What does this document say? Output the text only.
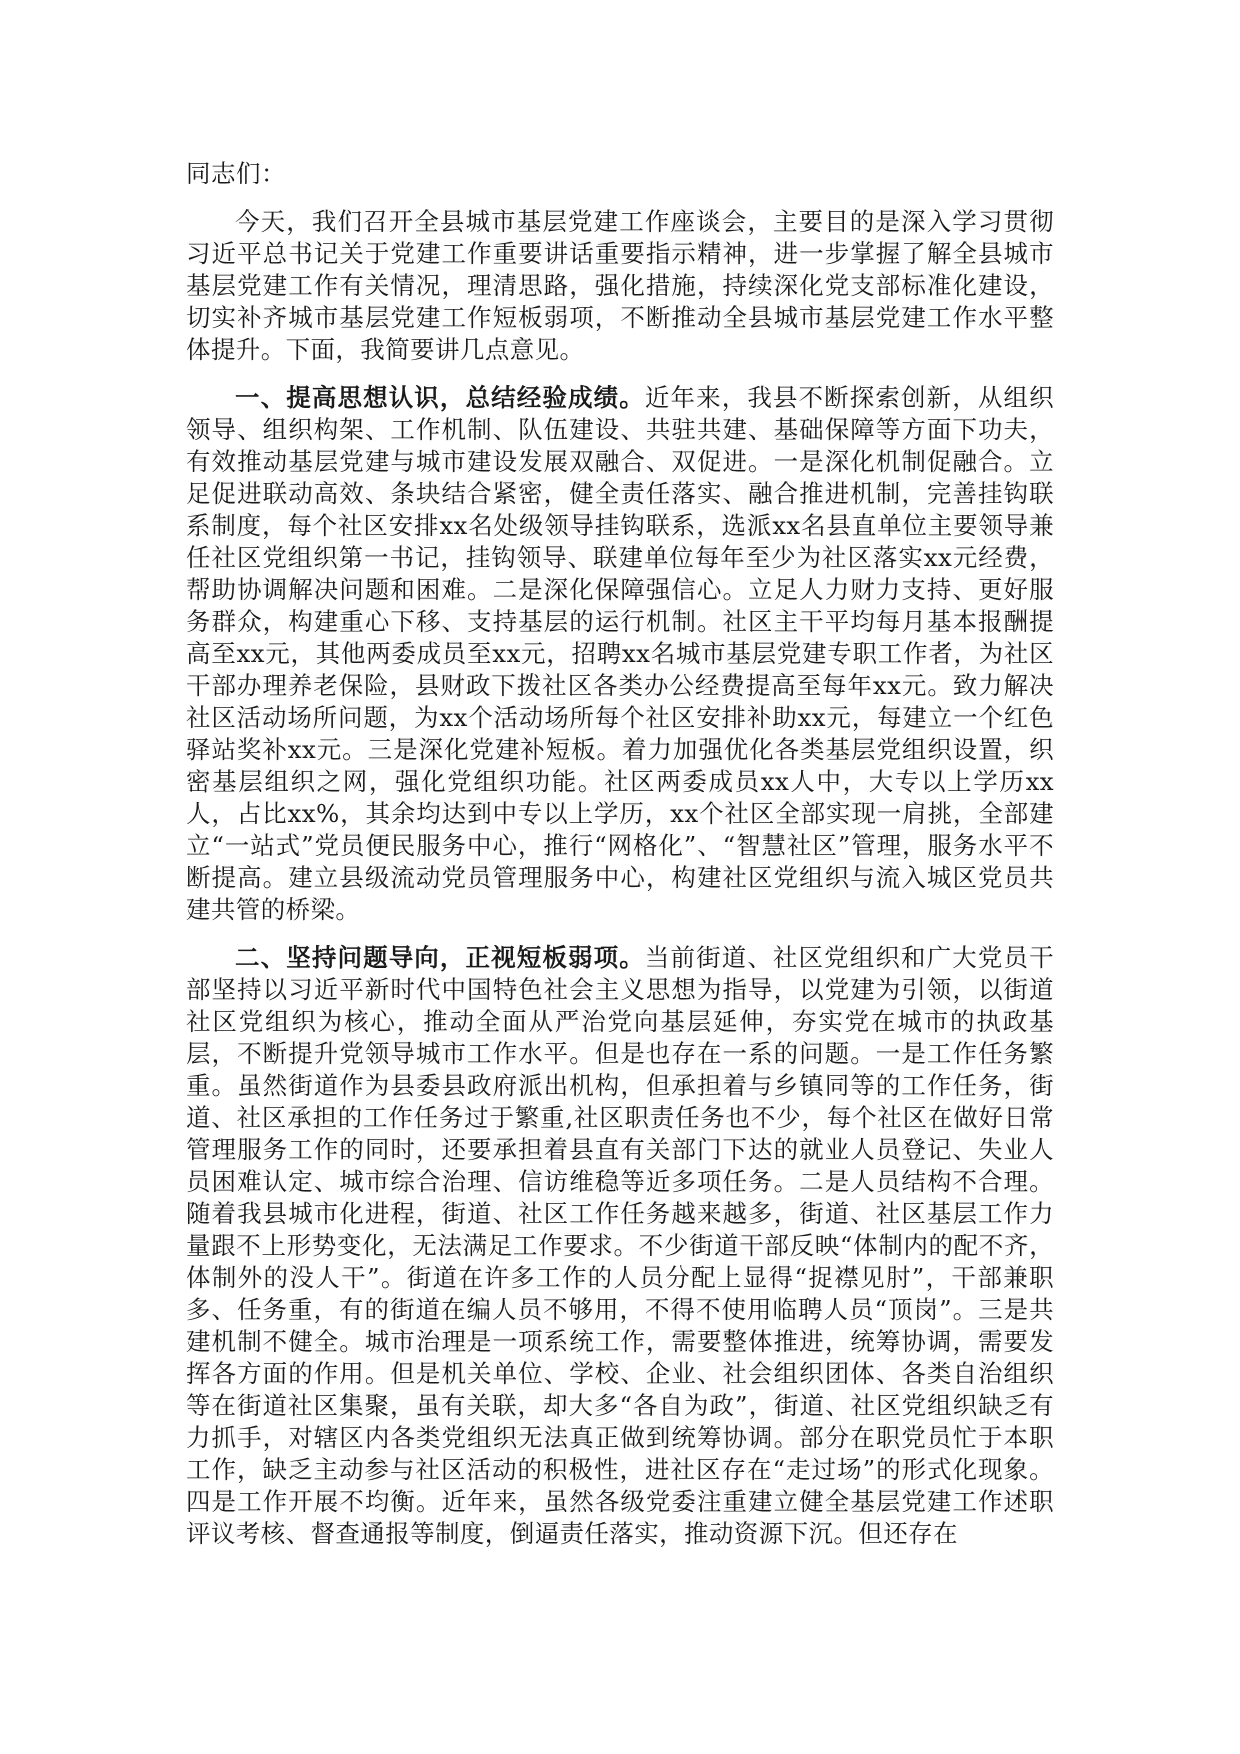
同志们：

今天，我们召开全县城市基层党建工作座谈会，主要目的是深入学习贯彻习近平总书记关于党建工作重要讲话重要指示精神，进一步掌握了解全县城市基层党建工作有关情况，理清思路，强化措施，持续深化党支部标准化建设，切实补齐城市基层党建工作短板弱项，不断推动全县城市基层党建工作水平整体提升。下面，我简要讲几点意见。

一、提高思想认识，总结经验成绩。近年来，我县不断探索创新，从组织领导、组织构架、工作机制、队伍建设、共驻共建、基础保障等方面下功夫，有效推动基层党建与城市建设发展双融合、双促进。一是深化机制促融合。立足促进联动高效、条块结合紧密，健全责任落实、融合推进机制，完善挂钩联系制度，每个社区安排xx名处级领导挂钩联系，选派xx名县直单位主要领导兼任社区党组织第一书记，挂钩领导、联建单位每年至少为社区落实xx元经费，帮助协调解决问题和困难。二是深化保障强信心。立足人力财力支持、更好服务群众，构建重心下移、支持基层的运行机制。社区主干平均每月基本报酬提高至xx元，其他两委成员至xx元，招聘xx名城市基层党建专职工作者，为社区干部办理养老保险，县财政下拨社区各类办公经费提高至每年xx元。致力解决社区活动场所问题，为xx个活动场所每个社区安排补助xx元，每建立一个红色驿站奖补xx元。三是深化党建补短板。着力加强优化各类基层党组织设置，织密基层组织之网，强化党组织功能。社区两委成员xx人中，大专以上学历xx人，占比xx%，其余均达到中专以上学历，xx个社区全部实现一肩挑，全部建立“一站式”党员便民服务中心，推行“网格化”、“智慧社区”管理，服务水平不断提高。建立县级流动党员管理服务中心，构建社区党组织与流入城区党员共建共管的桥梁。

二、坚持问题导向，正视短板弱项。当前街道、社区党组织和广大党员干部坚持以习近平新时代中国特色社会主义思想为指导，以党建为引领，以街道社区党组织为核心，推动全面从严治党向基层延伸，夯实党在城市的执政基层，不断提升党领导城市工作水平。但是也存在一系的问题。一是工作任务繁重。虽然街道作为县委县政府派出机构，但承担着与乡镇同等的工作任务，街道、社区承担的工作任务过于繁重,社区职责任务也不少，每个社区在做好日常管理服务工作的同时，还要承担着县直有关部门下达的就业人员登记、失业人员困难认定、城市综合治理、信访维稳等近多项任务。二是人员结构不合理。随着我县城市化进程，街道、社区工作任务越来越多，街道、社区基层工作力量跟不上形势变化，无法满足工作要求。不少街道干部反映“体制内的配不齐，体制外的没人干”。街道在许多工作的人员分配上显得“捉襟见肘”，干部兼职多、任务重，有的街道在编人员不够用，不得不使用临聘人员“顶岗”。三是共建机制不健全。城市治理是一项系统工作，需要整体推进，统筹协调，需要发挥各方面的作用。但是机关单位、学校、企业、社会组织团体、各类自治组织等在街道社区集聚，虽有关联，却大多“各自为政”，街道、社区党组织缺乏有力抓手，对辖区内各类党组织无法真正做到统筹协调。部分在职党员忙于本职工作，缺乏主动参与社区活动的积极性，进社区存在“走过场”的形式化现象。四是工作开展不均衡。近年来，虽然各级党委注重建立健全基层党建工作述职评议考核、督查通报等制度，倒逼责任落实，推动资源下沉。但还存在
